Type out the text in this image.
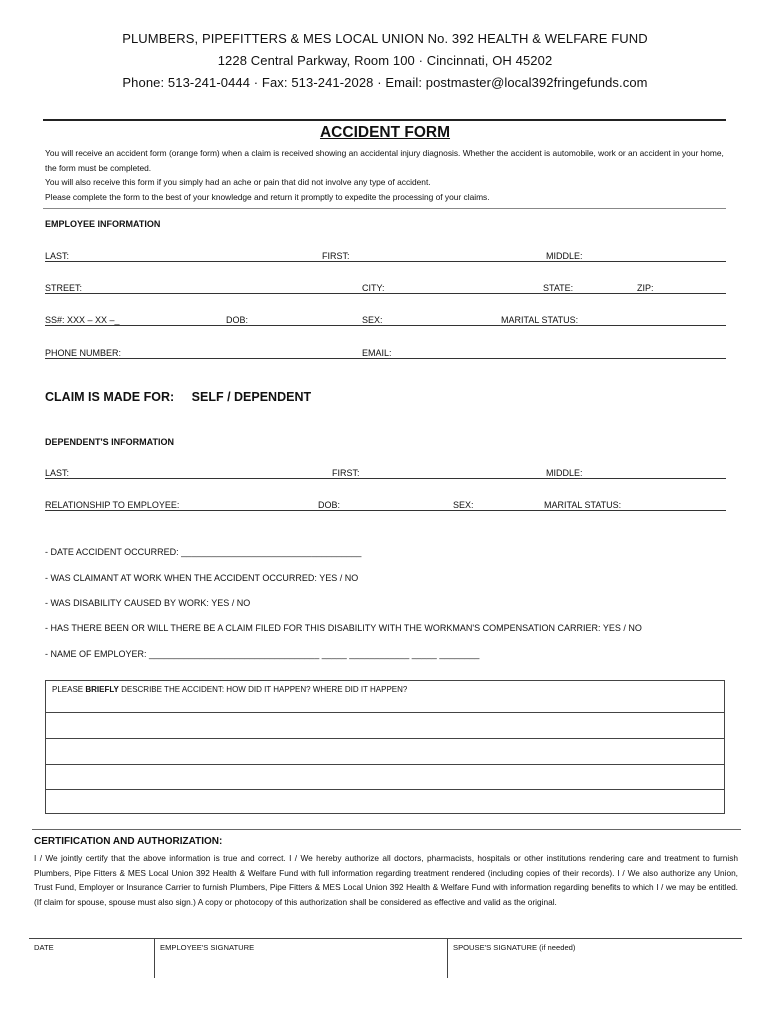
PLUMBERS, PIPEFITTERS & MES LOCAL UNION No. 392 HEALTH & WELFARE FUND
1228 Central Parkway, Room 100 · Cincinnati, OH 45202
Phone: 513-241-0444 · Fax: 513-241-2028 · Email: postmaster@local392fringefunds.com
ACCIDENT FORM

You will receive an accident form (orange form) when a claim is received showing an accidental injury diagnosis. Whether the accident is automobile, work or an accident in your home, the form must be completed.

You will also receive this form if you simply had an ache or pain that did not involve any type of accident.

Please complete the form to the best of your knowledge and return it promptly to expedite the processing of your claims.

EMPLOYEE INFORMATION
LAST:	FIRST:	MIDDLE:
STREET:	CITY:	STATE:	ZIP:
SS#: XXX – XX –_	DOB:	SEX:	MARITAL STATUS:
PHONE NUMBER:	EMAIL:
CLAIM IS MADE FOR: SELF / DEPENDENT
DEPENDENT'S INFORMATION
LAST:	FIRST:	MIDDLE:
RELATIONSHIP TO EMPLOYEE:	DOB:	SEX:	MARITAL STATUS:
- DATE ACCIDENT OCCURRED: ____________________________________
- WAS CLAIMANT AT WORK WHEN THE ACCIDENT OCCURRED: YES / NO
- WAS DISABILITY CAUSED BY WORK: YES / NO
- HAS THERE BEEN OR WILL THERE BE A CLAIM FILED FOR THIS DISABILITY WITH THE WORKMAN'S COMPENSATION CARRIER: YES / NO
- NAME OF EMPLOYER: __________________________________ _____ ____________ _____ ________
PLEASE BRIEFLY DESCRIBE THE ACCIDENT: HOW DID IT HAPPEN? WHERE DID IT HAPPEN?
CERTIFICATION AND AUTHORIZATION:
I / We jointly certify that the above information is true and correct. I / We hereby authorize all doctors, pharmacists, hospitals or other institutions rendering care and treatment to furnish Plumbers, Pipe Fitters & MES Local Union 392 Health & Welfare Fund with full information regarding treatment rendered (including copies of their records). I / We also authorize any Union, Trust Fund, Employer or Insurance Carrier to furnish Plumbers, Pipe Fitters & MES Local Union 392 Health & Welfare Fund with information regarding benefits to which I / we may be entitled. (If claim for spouse, spouse must also sign.) A copy or photocopy of this authorization shall be considered as effective and valid as the original.
DATE	EMPLOYEE'S SIGNATURE	SPOUSE'S SIGNATURE (if needed)
